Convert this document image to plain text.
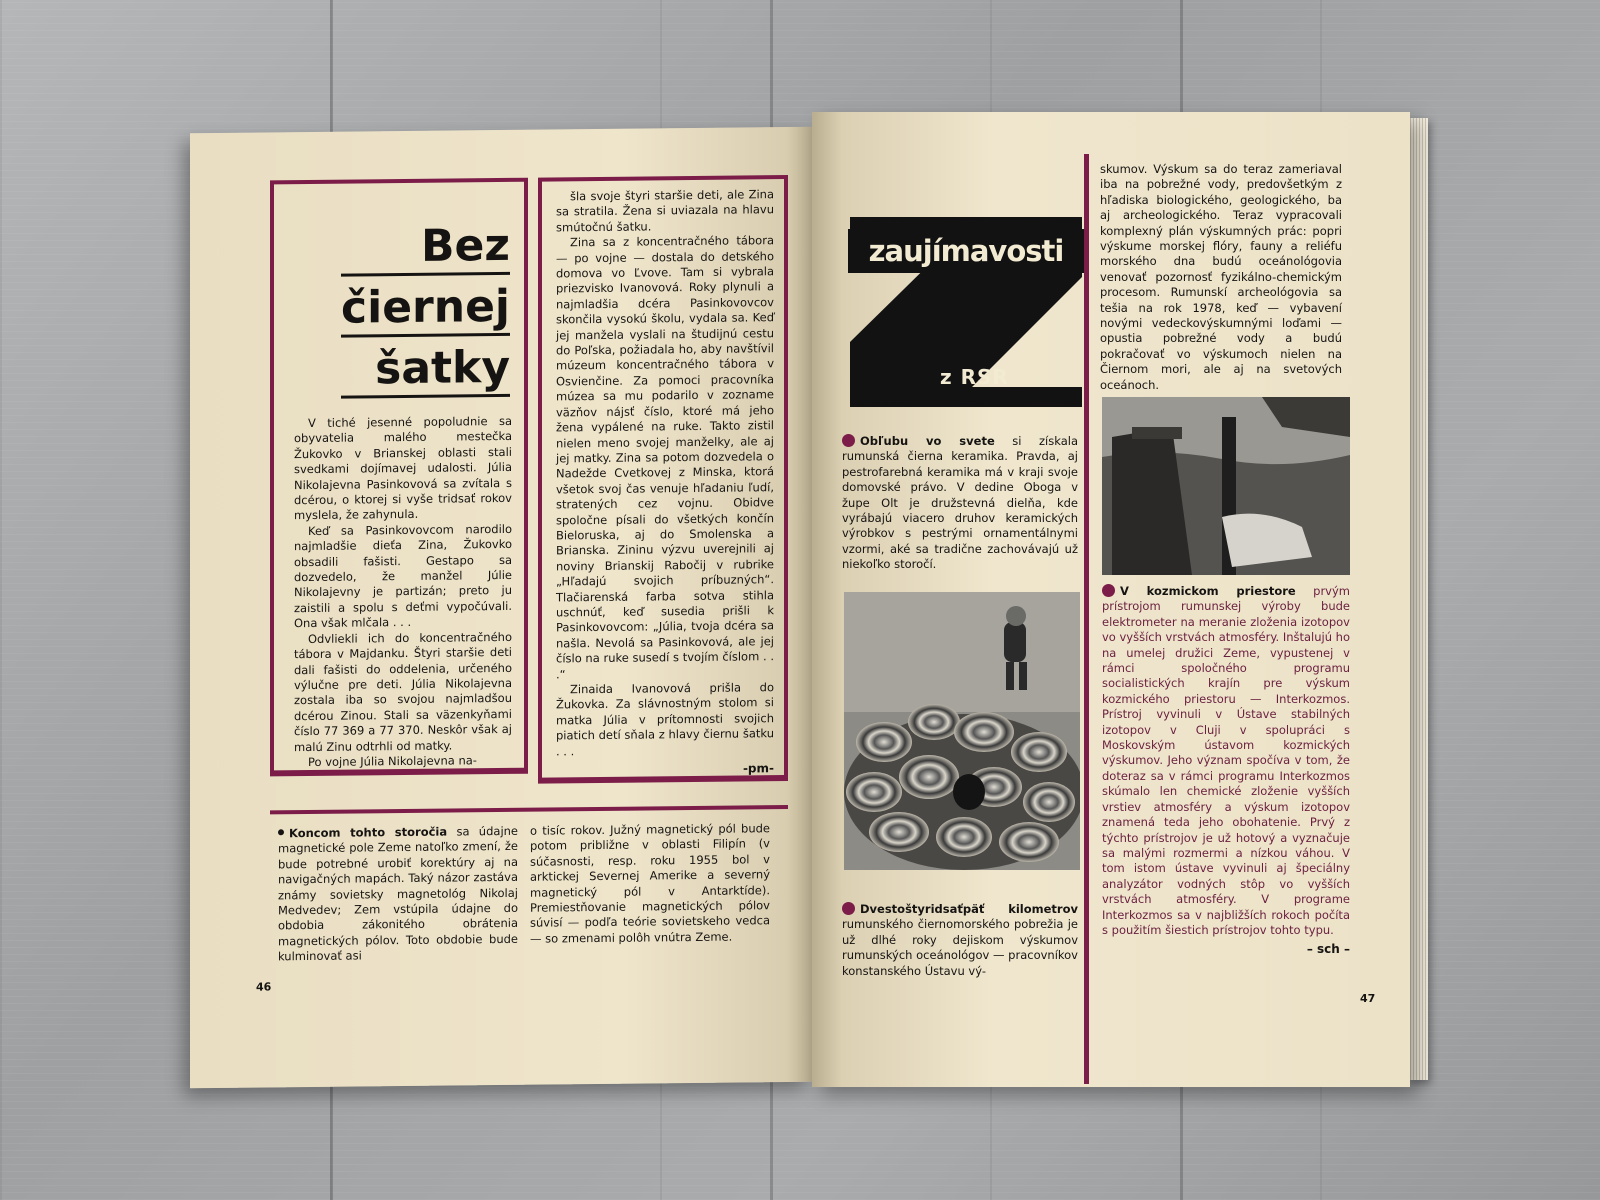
Bez
čiernej
šatky

V tiché jesenné popoludnie sa obyvatelia malého mestečka Žukovko v Brianskej oblasti stali svedkami dojímavej udalosti. Júlia Nikolajevna Pasinkovová sa zvítala s dcérou, o ktorej si vyše tridsať rokov myslela, že zahynula.

Keď sa Pasinkovovcom narodilo najmladšie dieťa Zina, Žukovko obsadili fašisti. Gestapo sa dozvedelo, že manžel Júlie Nikolajevny je partizán; preto ju zaistili a spolu s deťmi vypočúvali. Ona však mlčala . . .

Odvliekli ich do koncentračného tábora v Majdanku. Štyri staršie deti dali fašisti do oddelenia, určeného výlučne pre deti. Júlia Nikolajevna zostala iba so svojou najmladšou dcérou Zinou. Stali sa väzenkyňami číslo 77 369 a 77 370. Neskôr však aj malú Zinu odtrhli od matky.

Po vojne Júlia Nikolajevna na-

šla svoje štyri staršie deti, ale Zina sa stratila. Žena si uviazala na hlavu smútočnú šatku.

Zina sa z koncentračného tábora — po vojne — dostala do detského domova vo Ľvove. Tam si vybrala priezvisko Ivanovová. Roky plynuli a najmladšia dcéra Pasinkovovcov skončila vysokú školu, vydala sa. Keď jej manžela vyslali na študijnú cestu do Poľska, požiadala ho, aby navštívil múzeum koncentračného tábora v Osvienčine. Za pomoci pracovníka múzea sa mu podarilo v zozname väzňov nájsť číslo, ktoré má jeho žena vypálené na ruke. Takto zistil nielen meno svojej manželky, ale aj jej matky. Zina sa potom dozvedela o Nadežde Cvetkovej z Minska, ktorá všetok svoj čas venuje hľadaniu ľudí, stratených cez vojnu. Obidve spoločne písali do všetkých končín Bieloruska, aj do Smolenska a Brianska. Zininu výzvu uverejnili aj noviny Brianskij Rabočij v rubrike „Hľadajú svojich príbuzných“. Tlačiarenská farba sotva stihla uschnúť, keď susedia prišli k Pasinkovovcom: „Júlia, tvoja dcéra sa našla. Nevolá sa Pasinkovová, ale jej číslo na ruke susedí s tvojím číslom . . .“

Zinaida Ivanovová prišla do Žukovka. Za slávnostným stolom si matka Júlia v prítomnosti svojich piatich detí sňala z hlavy čiernu šatku . . .

-pm-
Koncom tohto storočia sa údajne magnetické pole Zeme natoľko zmení, že bude potrebné urobiť korektúry aj na navigačných mapách. Taký názor zastáva známy sovietsky magnetológ Nikolaj Medvedev; Zem vstúpila údajne do obdobia zákonitého obrátenia magnetických pólov. Toto obdobie bude kulminovať asi
o tisíc rokov. Južný magnetický pól bude potom približne v oblasti Filipín (v súčasnosti, resp. roku 1955 bol v arktickej Severnej Amerike a severný magnetický pól v Antarktíde). Premiestňovanie magnetických pólov súvisí — podľa teórie sovietskeho vedca — so zmenami polôh vnútra Zeme.
46
zaujímavosti
z RSR
skumov. Výskum sa do teraz zameriaval iba na pobrežné vody, predovšetkým z hľadiska biologického, geologického, ba aj archeologického. Teraz vypracovali komplexný plán výskumných prác: popri výskume morskej flóry, fauny a reliéfu morského dna budú oceánológovia venovať pozornosť fyzikálno-chemickým procesom. Rumunskí archeológovia sa tešia na rok 1978, keď — vybavení novými vedeckovýskumnými loďami — opustia pobrežné vody a budú pokračovať vo výskumoch nielen na Čiernom mori, ale aj na svetových oceánoch.
Obľubu vo svete si získala rumunská čierna keramika. Pravda, aj pestrofarebná keramika má v kraji svoje domovské právo. V dedine Oboga v župe Olt je družstevná dielňa, kde vyrábajú viacero druhov keramických výrobkov s pestrými ornamentálnymi vzormi, aké sa tradične zachovávajú už niekoľko storočí.
Dvestoštyridsaťpäť kilometrov rumunského čiernomorského pobrežia je už dlhé roky dejiskom výskumov rumunských oceánológov — pracovníkov konstanského Ústavu vý-
V kozmickom priestore prvým prístrojom rumunskej výroby bude elektrometer na meranie zloženia izotopov vo vyšších vrstvách atmosféry. Inštalujú ho na umelej družici Zeme, vypustenej v rámci spoločného programu socialistických krajín pre výskum kozmického priestoru — Interkozmos. Prístroj vyvinuli v Ústave stabilných izotopov v Cluji v spolupráci s Moskovským ústavom kozmických výskumov. Jeho význam spočíva v tom, že doteraz sa v rámci programu Interkozmos skúmalo len chemické zloženie vyšších vrstiev atmosféry a výskum izotopov znamená teda jeho obohatenie. Prvý z týchto prístrojov je už hotový a vyznačuje sa malými rozmermi a nízkou váhou. V tom istom ústave vyvinuli aj špeciálny analyzátor vodných stôp vo vyšších vrstvách atmosféry. V programe Interkozmos sa v najbližších rokoch počíta s použitím šiestich prístrojov tohto typu.
– sch –
47
